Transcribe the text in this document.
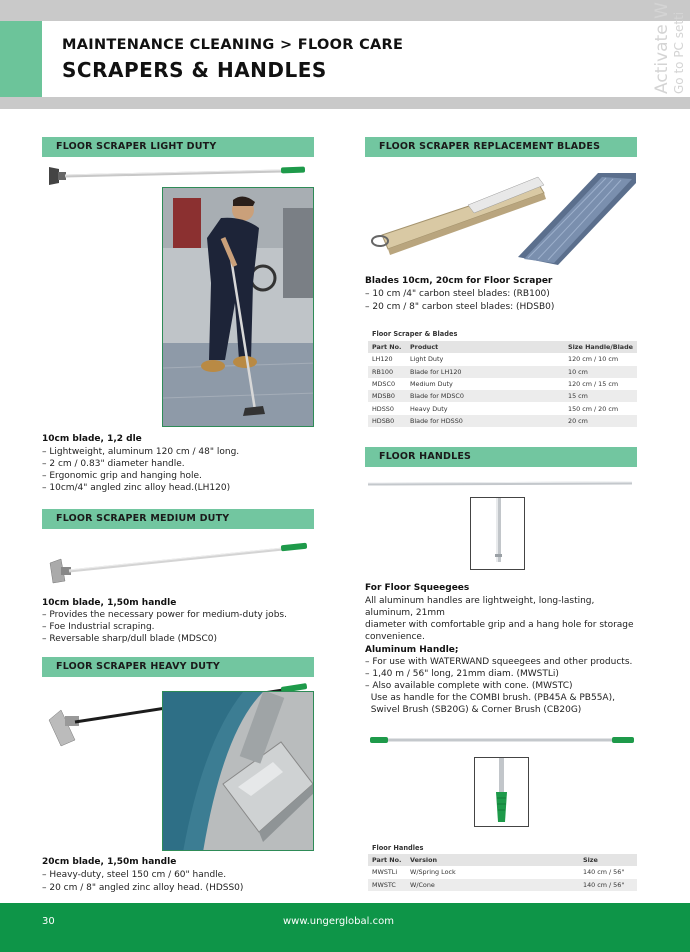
MAINTENANCE CLEANING > FLOOR CARE
SCRAPERS & HANDLES	Activate W Go to PC setti
FLOOR SCRAPER LIGHT DUTY
10cm blade, 1,2 dle
– Lightweight, aluminum 120 cm / 48" long.
– 2 cm / 0.83" diameter handle.
– Ergonomic grip and hanging hole.
– 10cm/4" angled zinc alloy head.(LH120)
FLOOR SCRAPER MEDIUM DUTY
10cm blade, 1,50m handle
– Provides the necessary power for medium-duty jobs.
– Foe Industrial scraping.
– Reversable sharp/dull blade (MDSC0)
FLOOR SCRAPER HEAVY DUTY
20cm blade, 1,50m handle
– Heavy-duty, steel 150 cm / 60" handle.
– 20 cm / 8" angled zinc alloy head. (HDSS0)
FLOOR SCRAPER REPLACEMENT BLADES
Blades 10cm, 20cm for Floor Scraper
– 10 cm /4" carbon steel blades: (RB100)
– 20 cm / 8" carbon steel blades: (HDSB0)
Floor Scraper & Blades
Part No.	Product	Size Handle/Blade
LH120	Light Duty	120 cm / 10 cm
RB100	Blade for LH120	10 cm
MDSC0	Medium Duty	120 cm / 15 cm
MDSB0	Blade for MDSC0	15 cm
HDSS0	Heavy Duty	150 cm / 20 cm
HDSB0	Blade for HDSS0	20 cm
FLOOR HANDLES
For Floor Squeegees
All aluminum handles are lightweight, long-lasting,
aluminum, 21mm
diameter with comfortable grip and a hang hole for storage
convenience.
Aluminum Handle;
– For use with WATERWAND squeegees and other products.
– 1,40 m / 56" long, 21mm diam. (MWSTLi)
– Also available complete with cone. (MWSTC)
Use as handle for the COMBI brush. (PB45A & PB55A),
Swivel Brush (SB20G) & Corner Brush (CB20G)
Floor Handles
Part No.	Version	Size
MWSTLi	W/Spring Lock	140 cm / 56"
MWSTC	W/Cone	140 cm / 56"
30	www.ungerglobal.com
